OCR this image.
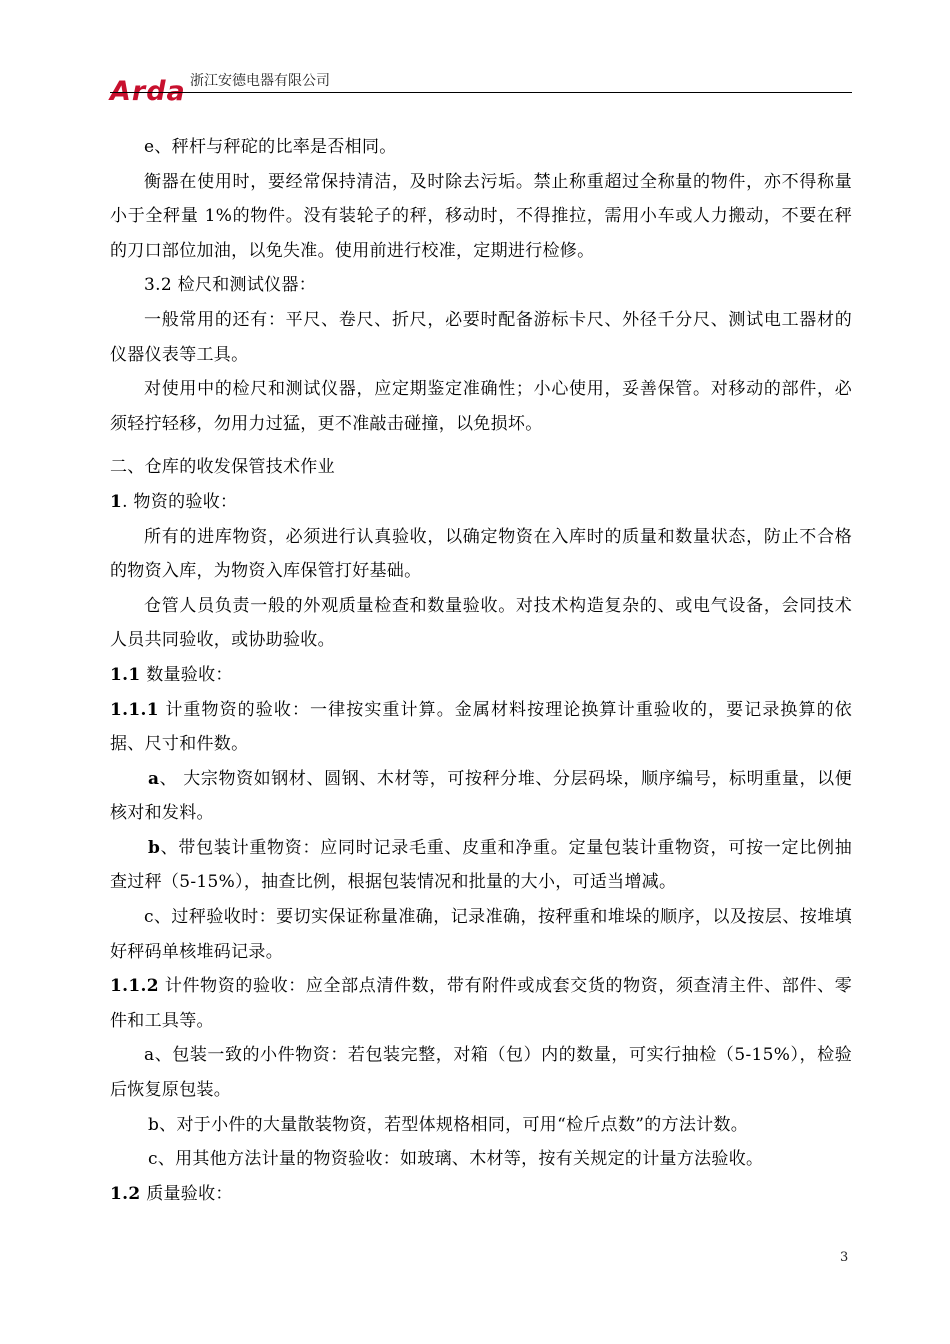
Arda 浙江安德电器有限公司

e、秤杆与秤砣的比率是否相同。

衡器在使用时，要经常保持清洁，及时除去污垢。禁止称重超过全称量的物件，亦不得称量小于全秤量 1%的物件。没有装轮子的秤，移动时，不得推拉，需用小车或人力搬动，不要在秤的刀口部位加油，以免失准。使用前进行校准，定期进行检修。

3.2 检尺和测试仪器：

一般常用的还有：平尺、卷尺、折尺，必要时配备游标卡尺、外径千分尺、测试电工器材的仪器仪表等工具。

对使用中的检尺和测试仪器，应定期鉴定准确性；小心使用，妥善保管。对移动的部件，必须轻拧轻移，勿用力过猛，更不准敲击碰撞，以免损坏。

二、仓库的收发保管技术作业

1. 物资的验收：

所有的进库物资，必须进行认真验收，以确定物资在入库时的质量和数量状态，防止不合格的物资入库，为物资入库保管打好基础。

仓管人员负责一般的外观质量检查和数量验收。对技术构造复杂的、或电气设备，会同技术人员共同验收，或协助验收。

1.1 数量验收：

1.1.1 计重物资的验收：一律按实重计算。金属材料按理论换算计重验收的，要记录换算的依据、尺寸和件数。

a、 大宗物资如钢材、圆钢、木材等，可按秤分堆、分层码垛，顺序编号，标明重量，以便核对和发料。

b、带包装计重物资：应同时记录毛重、皮重和净重。定量包装计重物资，可按一定比例抽查过秤（5-15%），抽查比例，根据包装情况和批量的大小，可适当增减。

c、过秤验收时：要切实保证称量准确，记录准确，按秤重和堆垛的顺序，以及按层、按堆填好秤码单核堆码记录。

1.1.2 计件物资的验收：应全部点清件数，带有附件或成套交货的物资，须查清主件、部件、零件和工具等。

a、包装一致的小件物资：若包装完整，对箱（包）内的数量，可实行抽检（5-15%），检验后恢复原包装。

b、对于小件的大量散装物资，若型体规格相同，可用“检斤点数”的方法计数。

c、用其他方法计量的物资验收：如玻璃、木材等，按有关规定的计量方法验收。

1.2 质量验收：

3
